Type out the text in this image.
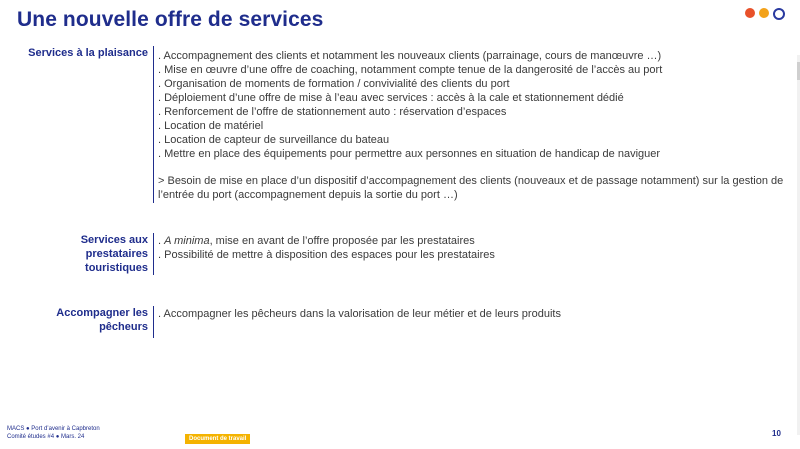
Une nouvelle offre de services
Services à la plaisance . Accompagnement des clients et notamment les nouveaux clients (parrainage, cours de manœuvre …)
. Mise en œuvre d’une offre de coaching, notamment compte tenue de la dangerosité de l’accès au port
. Organisation de moments de formation / convivialité des clients du port
. Déploiement d’une offre de mise à l’eau avec services : accès à la cale et stationnement dédié
. Renforcement de l’offre de stationnement auto : réservation d’espaces
. Location de matériel
. Location de capteur de surveillance du bateau
. Mettre en place des équipements pour permettre aux personnes en situation de handicap de naviguer
> Besoin de mise en place d’un dispositif d’accompagnement des clients (nouveaux et de passage notamment) sur la gestion de l’entrée du port (accompagnement depuis la sortie du port …)
Services aux
prestataires
touristiques
. A minima, mise en avant de l’offre proposée par les prestataires
. Possibilité de mettre à disposition des espaces pour les prestataires
Accompagner les
pêcheurs
. Accompagner les pêcheurs dans la valorisation de leur métier et de leurs produits
MACS ● Port d’avenir à Capbreton
Comité études #4 ● Mars. 24	Document de travail
10
